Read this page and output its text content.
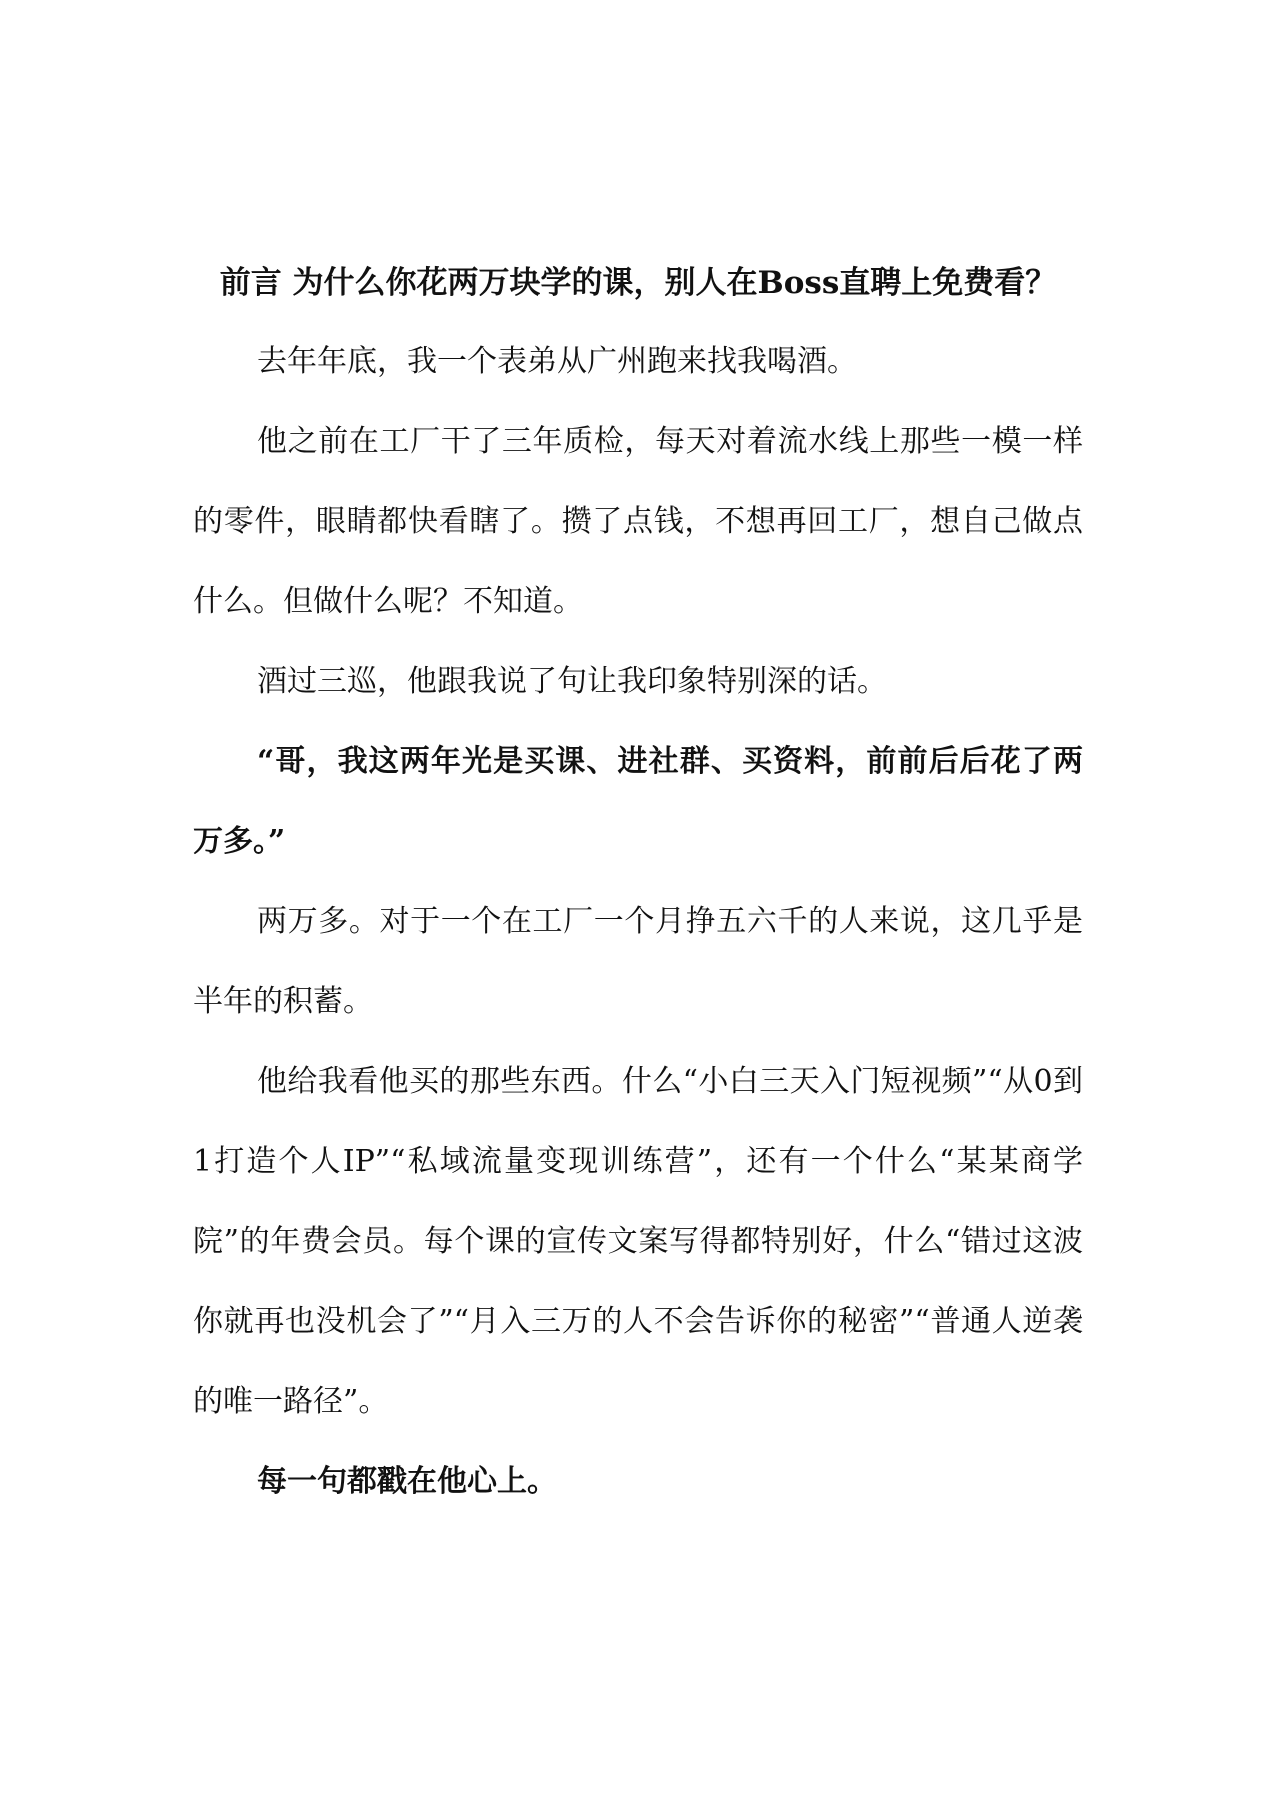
前言 为什么你花两万块学的课，别人在Boss直聘上免费看？

去年年底，我一个表弟从广州跑来找我喝酒。

他之前在工厂干了三年质检，每天对着流水线上那些一模一样的零件，眼睛都快看瞎了。攒了点钱，不想再回工厂，想自己做点什么。但做什么呢？不知道。

酒过三巡，他跟我说了句让我印象特别深的话。

“哥，我这两年光是买课、进社群、买资料，前前后后花了两万多。”

两万多。对于一个在工厂一个月挣五六千的人来说，这几乎是半年的积蓄。

他给我看他买的那些东西。什么“小白三天入门短视频”“从0到1打造个人IP”“私域流量变现训练营”，还有一个什么“某某商学院”的年费会员。每个课的宣传文案写得都特别好，什么“错过这波你就再也没机会了”“月入三万的人不会告诉你的秘密”“普通人逆袭的唯一路径”。

每一句都戳在他心上。
